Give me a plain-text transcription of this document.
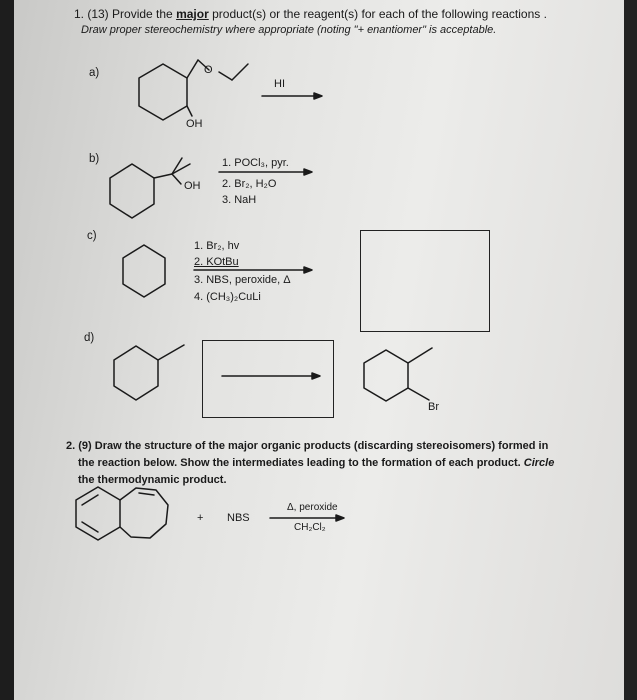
1. (13) Provide the major product(s) or the reagent(s) for each of the following reactions .
Draw proper stereochemistry where appropriate (noting "+ enantiomer" is acceptable.
a)
b)
c)
d)
HI
OH
OH
1. POCl₃, pyr.
2. Br₂, H₂O
3. NaH
1. Br₂, hv
2. KOtBu
3. NBS, peroxide, Δ
4. (CH₃)₂CuLi
Br
2. (9) Draw the structure of the major organic products (discarding stereoisomers) formed in
the reaction below. Show the intermediates leading to the formation of each product. Circle
the thermodynamic product.
+ NBS
Δ, peroxide
CH₂Cl₂
O
